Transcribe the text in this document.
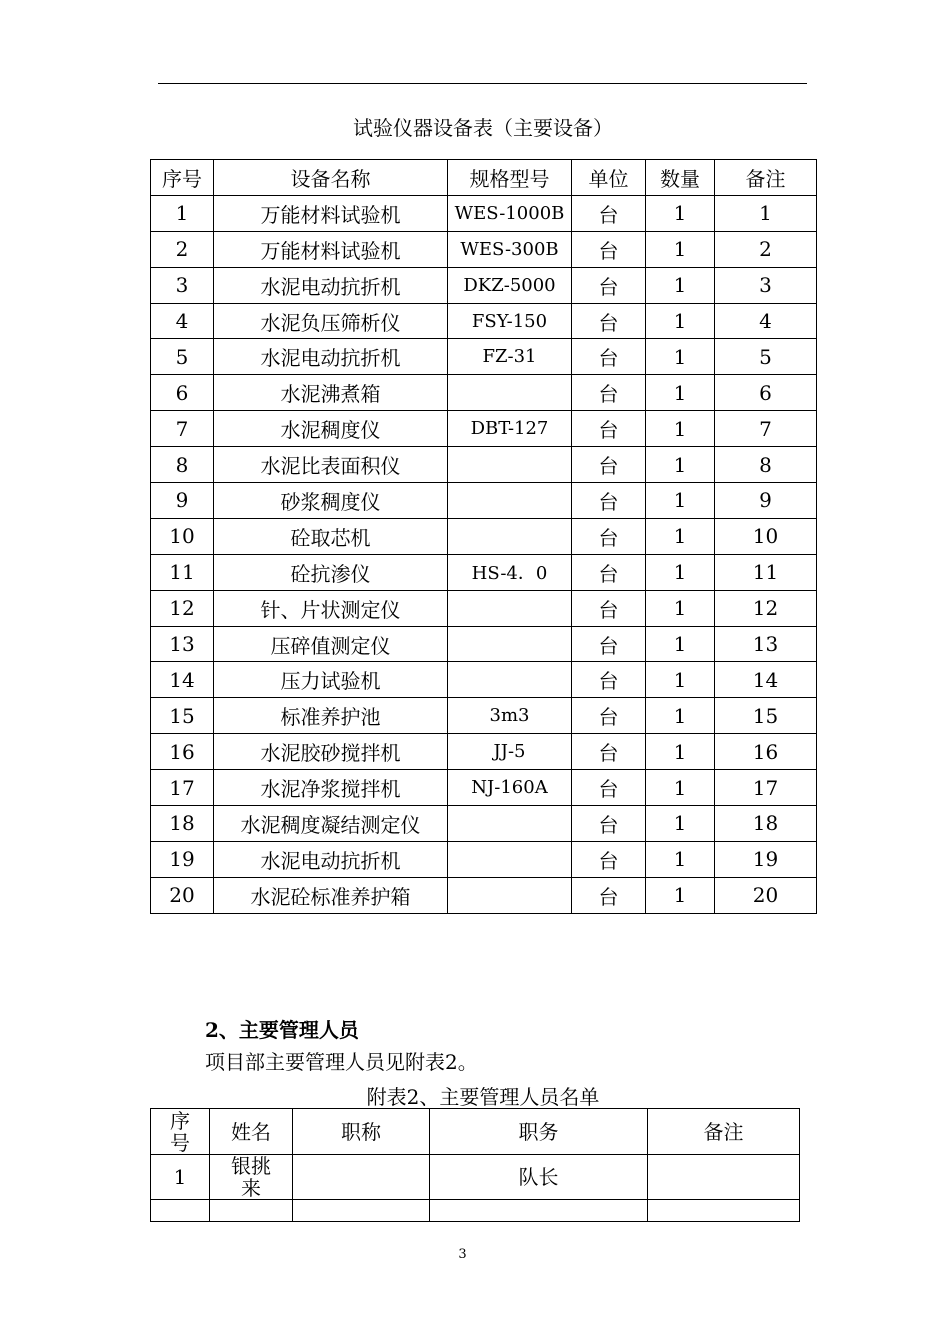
试验仪器设备表（主要设备）
序号	设备名称	规格型号	单位	数量	备注
1	万能材料试验机	WES-1000B	台	1	1
2	万能材料试验机	WES-300B	台	1	2
3	水泥电动抗折机	DKZ-5000	台	1	3
4	水泥负压筛析仪	FSY-150	台	1	4
5	水泥电动抗折机	FZ-31	台	1	5
6	水泥沸煮箱		台	1	6
7	水泥稠度仪	DBT-127	台	1	7
8	水泥比表面积仪		台	1	8
9	砂浆稠度仪		台	1	9
10	砼取芯机		台	1	10
11	砼抗渗仪	HS-4．0	台	1	11
12	针、片状测定仪		台	1	12
13	压碎值测定仪		台	1	13
14	压力试验机		台	1	14
15	标准养护池	3m3	台	1	15
16	水泥胶砂搅拌机	JJ-5	台	1	16
17	水泥净浆搅拌机	NJ-160A	台	1	17
18	水泥稠度凝结测定仪		台	1	18
19	水泥电动抗折机		台	1	19
20	水泥砼标准养护箱		台	1	20
2、主要管理人员
项目部主要管理人员见附表2。
附表2、主要管理人员名单
序号	姓名	职称	职务	备注
1	银挑来		队长	

3
